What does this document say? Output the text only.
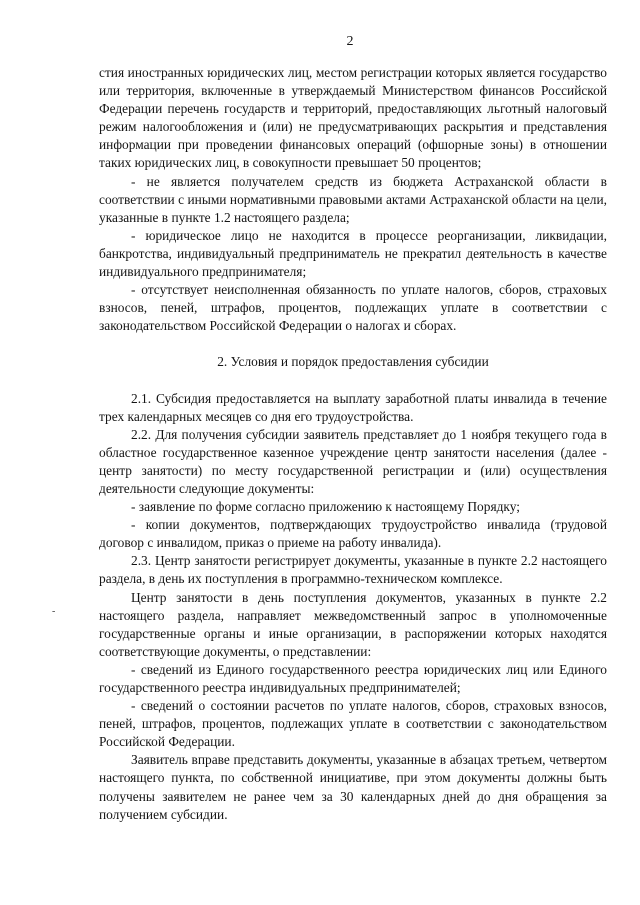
2
-

стия иностранных юридических лиц, местом регистрации которых является государство или территория, включенные в утверждаемый Министерством финансов Российской Федерации перечень государств и территорий, предоставляющих льготный налоговый режим налогообложения и (или) не предусматривающих раскрытия и представления информации при проведении финансовых операций (офшорные зоны) в отношении таких юридических лиц, в совокупности превышает 50 процентов;

- не является получателем средств из бюджета Астраханской области в соответствии с иными нормативными правовыми актами Астраханской области на цели, указанные в пункте 1.2 настоящего раздела;

- юридическое лицо не находится в процессе реорганизации, ликвидации, банкротства, индивидуальный предприниматель не прекратил деятельность в качестве индивидуального предпринимателя;

- отсутствует неисполненная обязанность по уплате налогов, сборов, страховых взносов, пеней, штрафов, процентов, подлежащих уплате в соответствии с законодательством Российской Федерации о налогах и сборах.

2. Условия и порядок предоставления субсидии

2.1. Субсидия предоставляется на выплату заработной платы инвалида в течение трех календарных месяцев со дня его трудоустройства.

2.2. Для получения субсидии заявитель представляет до 1 ноября текущего года в областное государственное казенное учреждение центр занятости населения (далее - центр занятости) по месту государственной регистрации и (или) осуществления деятельности следующие документы:

- заявление по форме согласно приложению к настоящему Порядку;

- копии документов, подтверждающих трудоустройство инвалида (трудовой договор с инвалидом, приказ о приеме на работу инвалида).

2.3. Центр занятости регистрирует документы, указанные в пункте 2.2 настоящего раздела, в день их поступления в программно-техническом комплексе.

Центр занятости в день поступления документов, указанных в пункте 2.2 настоящего раздела, направляет межведомственный запрос в уполномоченные государственные органы и иные организации, в распоряжении которых находятся соответствующие документы, о представлении:

- сведений из Единого государственного реестра юридических лиц или Единого государственного реестра индивидуальных предпринимателей;

- сведений о состоянии расчетов по уплате налогов, сборов, страховых взносов, пеней, штрафов, процентов, подлежащих уплате в соответствии с законодательством Российской Федерации.

Заявитель вправе представить документы, указанные в абзацах третьем, четвертом настоящего пункта, по собственной инициативе, при этом документы должны быть получены заявителем не ранее чем за 30 календарных дней до дня обращения за получением субсидии.
